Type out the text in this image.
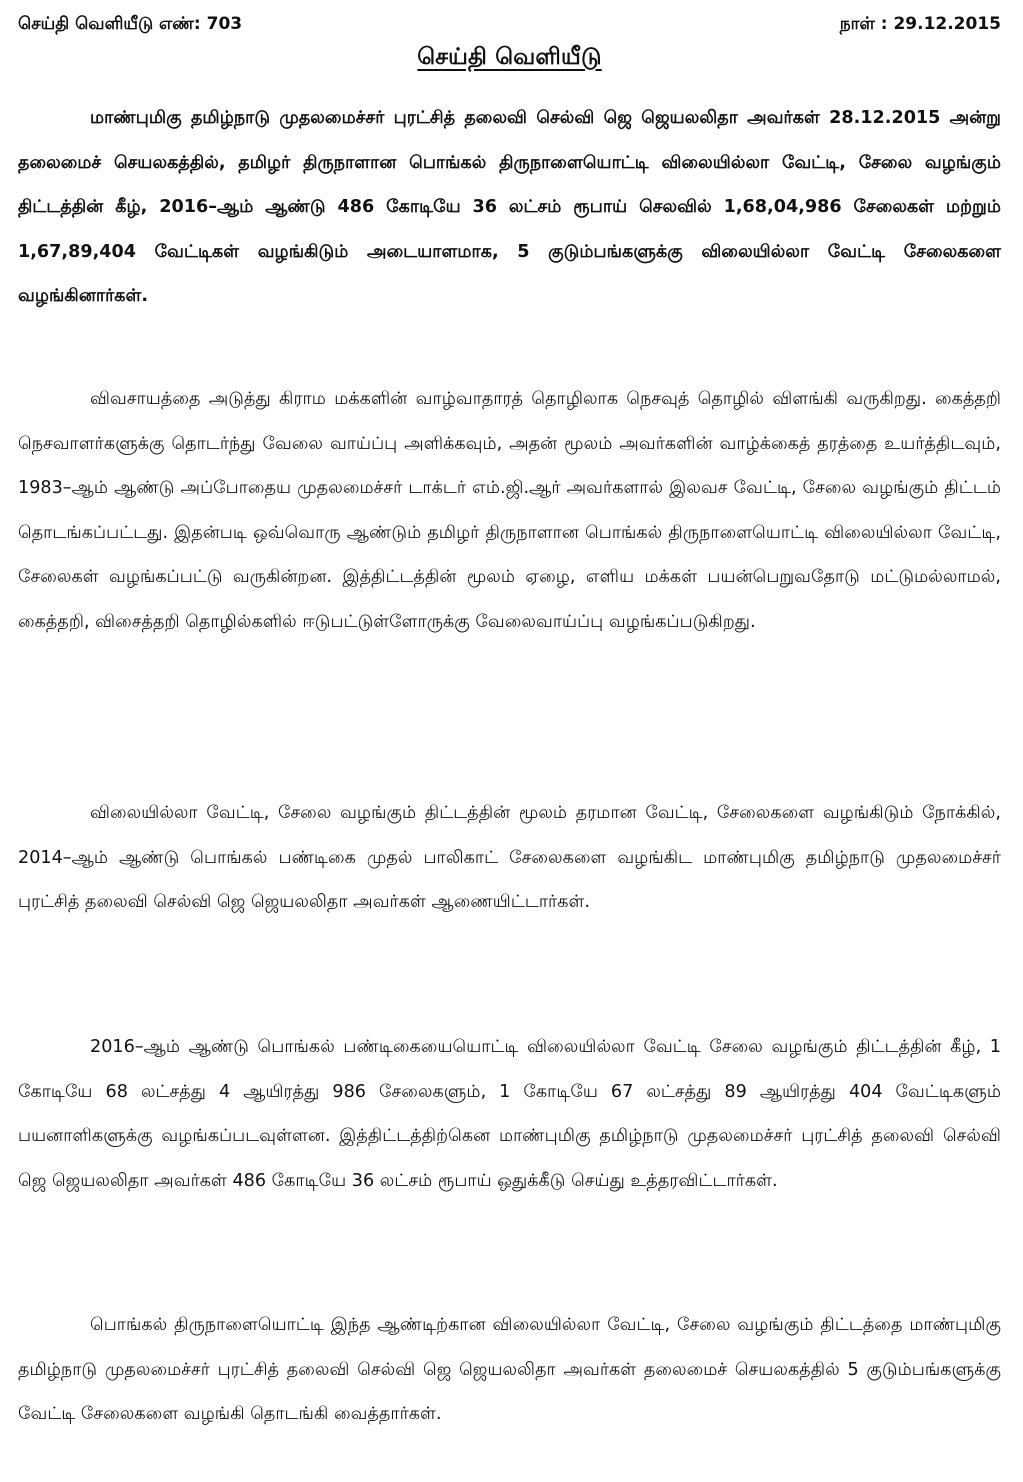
செய்தி வெளியீடு எண்: 703	நாள் : 29.12.2015
செய்தி வெளியீடு

மாண்புமிகு தமிழ்நாடு முதலமைச்சர் புரட்சித் தலைவி செல்வி ஜெ ஜெயலலிதா அவர்கள் 28.12.2015 அன்று தலைமைச் செயலகத்தில், தமிழர் திருநாளான பொங்கல் திருநாளையொட்டி விலையில்லா வேட்டி, சேலை வழங்கும் திட்டத்தின் கீழ், 2016–ஆம் ஆண்டு 486 கோடியே 36 லட்சம் ரூபாய் செலவில் 1,68,04,986 சேலைகள் மற்றும் 1,67,89,404 வேட்டிகள் வழங்கிடும் அடையாளமாக, 5 குடும்பங்களுக்கு விலையில்லா வேட்டி சேலைகளை வழங்கினார்கள்.

விவசாயத்தை அடுத்து கிராம மக்களின் வாழ்வாதாரத் தொழிலாக நெசவுத் தொழில் விளங்கி வருகிறது. கைத்தறி நெசவாளர்களுக்கு தொடர்ந்து வேலை வாய்ப்பு அளிக்கவும், அதன் மூலம் அவர்களின் வாழ்க்கைத் தரத்தை உயர்த்திடவும், 1983–ஆம் ஆண்டு அப்போதைய முதலமைச்சர் டாக்டர் எம்.ஜி.ஆர் அவர்களால் இலவச வேட்டி, சேலை வழங்கும் திட்டம் தொடங்கப்பட்டது. இதன்படி ஒவ்வொரு ஆண்டும் தமிழர் திருநாளான பொங்கல் திருநாளையொட்டி விலையில்லா வேட்டி, சேலைகள் வழங்கப்பட்டு வருகின்றன. இத்திட்டத்தின் மூலம் ஏழை, எளிய மக்கள் பயன்பெறுவதோடு மட்டுமல்லாமல், கைத்தறி, விசைத்தறி தொழில்களில் ஈடுபட்டுள்ளோருக்கு வேலைவாய்ப்பு வழங்கப்படுகிறது.

விலையில்லா வேட்டி, சேலை வழங்கும் திட்டத்தின் மூலம் தரமான வேட்டி, சேலைகளை வழங்கிடும் நோக்கில், 2014–ஆம் ஆண்டு பொங்கல் பண்டிகை முதல் பாலிகாட் சேலைகளை வழங்கிட மாண்புமிகு தமிழ்நாடு முதலமைச்சர் புரட்சித் தலைவி செல்வி ஜெ ஜெயலலிதா அவர்கள் ஆணையிட்டார்கள்.

2016–ஆம் ஆண்டு பொங்கல் பண்டிகையையொட்டி விலையில்லா வேட்டி சேலை வழங்கும் திட்டத்தின் கீழ், 1 கோடியே 68 லட்சத்து 4 ஆயிரத்து 986 சேலைகளும், 1 கோடியே 67 லட்சத்து 89 ஆயிரத்து 404 வேட்டிகளும் பயனாளிகளுக்கு வழங்கப்படவுள்ளன. இத்திட்டத்திற்கென மாண்புமிகு தமிழ்நாடு முதலமைச்சர் புரட்சித் தலைவி செல்வி ஜெ ஜெயலலிதா அவர்கள் 486 கோடியே 36 லட்சம் ரூபாய் ஒதுக்கீடு செய்து உத்தரவிட்டார்கள்.

பொங்கல் திருநாளையொட்டி இந்த ஆண்டிற்கான விலையில்லா வேட்டி, சேலை வழங்கும் திட்டத்தை மாண்புமிகு தமிழ்நாடு முதலமைச்சர் புரட்சித் தலைவி செல்வி ஜெ ஜெயலலிதா அவர்கள் தலைமைச் செயலகத்தில் 5 குடும்பங்களுக்கு வேட்டி சேலைகளை வழங்கி தொடங்கி வைத்தார்கள்.
